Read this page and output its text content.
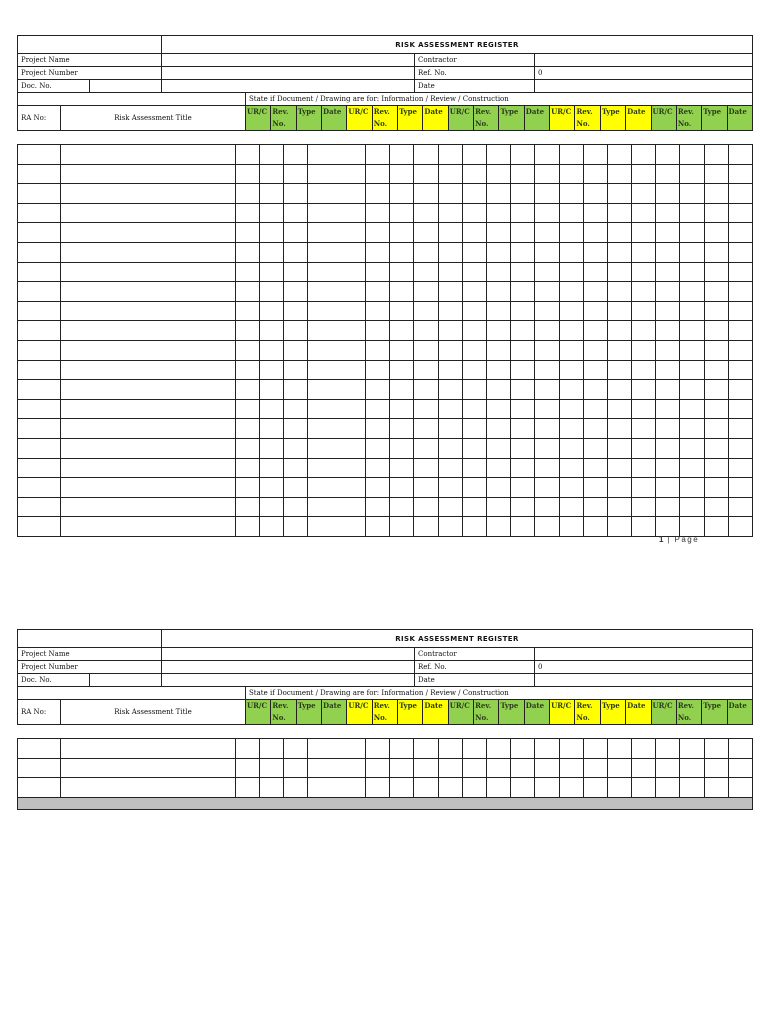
		RISK ASSESSMENT REGISTER		
Project Name			Contractor	
Project Number			Ref. No.	0
Doc. No.			Date	
		State if Document / Drawing are for: Information / Review / Construction																			
RA No:	Risk Assessment Title	UR/C	Rev. No.	Type	Date	UR/C	Rev. No.	Type	Date	UR/C	Rev. No.	Type	Date	UR/C	Rev. No.	Type	Date	UR/C	Rev. No.	Type	Date

1 | Page
		RISK ASSESSMENT REGISTER		
Project Name			Contractor	
Project Number			Ref. No.	0
Doc. No.			Date	
		State if Document / Drawing are for: Information / Review / Construction																			
RA No:	Risk Assessment Title	UR/C	Rev. No.	Type	Date	UR/C	Rev. No.	Type	Date	UR/C	Rev. No.	Type	Date	UR/C	Rev. No.	Type	Date	UR/C	Rev. No.	Type	Date
